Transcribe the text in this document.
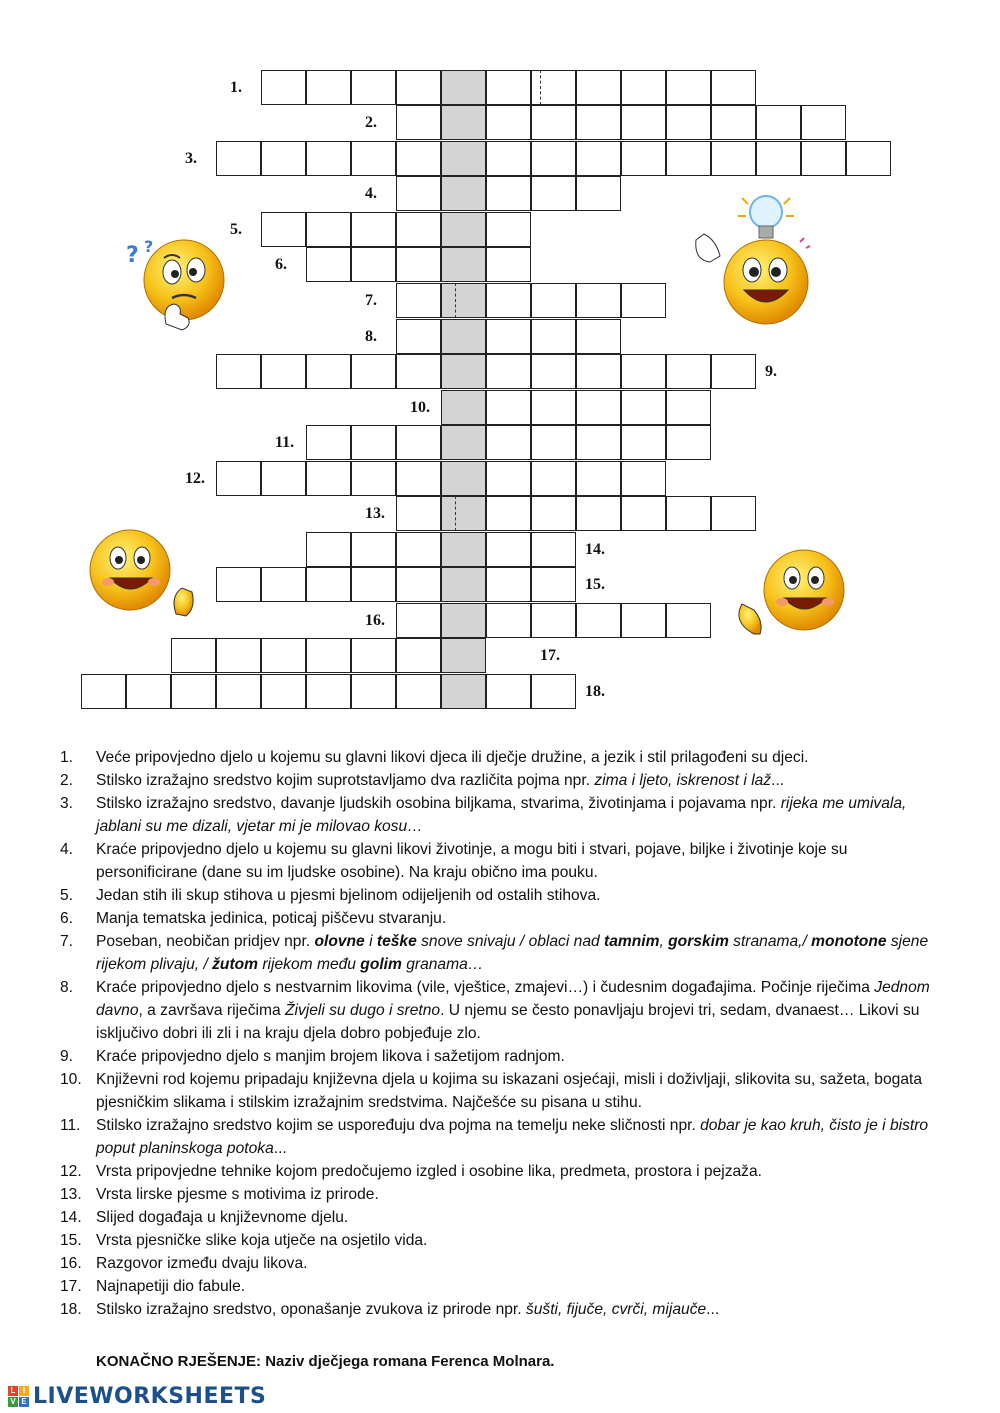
1.
2.
3.
4.
5.
6.
7.
8.
9.
10.
11.
12.
13.
14.
15.
16.
17.
18.
? ?
1. Veće pripovjedno djelo u kojemu su glavni likovi djeca ili dječje družine, a jezik i stil prilagođeni su djeci.
2. Stilsko izražajno sredstvo kojim suprotstavljamo dva različita pojma npr. zima i ljeto, iskrenost i laž...
3. Stilsko izražajno sredstvo, davanje ljudskih osobina biljkama, stvarima, životinjama i pojavama npr. rijeka me umivala, jablani su me dizali, vjetar mi je milovao kosu…
4. Kraće pripovjedno djelo u kojemu su glavni likovi životinje, a mogu biti i stvari, pojave, biljke i životinje koje su personificirane (dane su im ljudske osobine). Na kraju obično ima pouku.
5. Jedan stih ili skup stihova u pjesmi bjelinom odijeljenih od ostalih stihova.
6. Manja tematska jedinica, poticaj piščevu stvaranju.
7. Poseban, neobičan pridjev npr. olovne i teške snove snivaju / oblaci nad tamnim, gorskim stranama,/ monotone sjene rijekom plivaju, / žutom rijekom među golim granama…
8. Kraće pripovjedno djelo s nestvarnim likovima (vile, vještice, zmajevi…) i čudesnim događajima. Počinje riječima Jednom davno, a završava riječima Živjeli su dugo i sretno. U njemu se često ponavljaju brojevi tri, sedam, dvanaest… Likovi su isključivo dobri ili zli i na kraju djela dobro pobjeđuje zlo.
9. Kraće pripovjedno djelo s manjim brojem likova i sažetijom radnjom.
10. Književni rod kojemu pripadaju književna djela u kojima su iskazani osjećaji, misli i doživljaji, slikovita su, sažeta, bogata pjesničkim slikama i stilskim izražajnim sredstvima. Najčešće su pisana u stihu.
11. Stilsko izražajno sredstvo kojim se uspoređuju dva pojma na temelju neke sličnosti npr. dobar je kao kruh, čisto je i bistro poput planinskoga potoka...
12. Vrsta pripovjedne tehnike kojom predočujemo izgled i osobine lika, predmeta, prostora i pejzaža.
13. Vrsta lirske pjesme s motivima iz prirode.
14. Slijed događaja u književnome djelu.
15. Vrsta pjesničke slike koja utječe na osjetilo vida.
16. Razgovor između dvaju likova.
17. Najnapetiji dio fabule.
18. Stilsko izražajno sredstvo, oponašanje zvukova iz prirode npr. šušti, fijuče, cvrči, mijauče...
KONAČNO RJEŠENJE: Naziv dječjega romana Ferenca Molnara.
L I
V E LIVEWORKSHEETS
